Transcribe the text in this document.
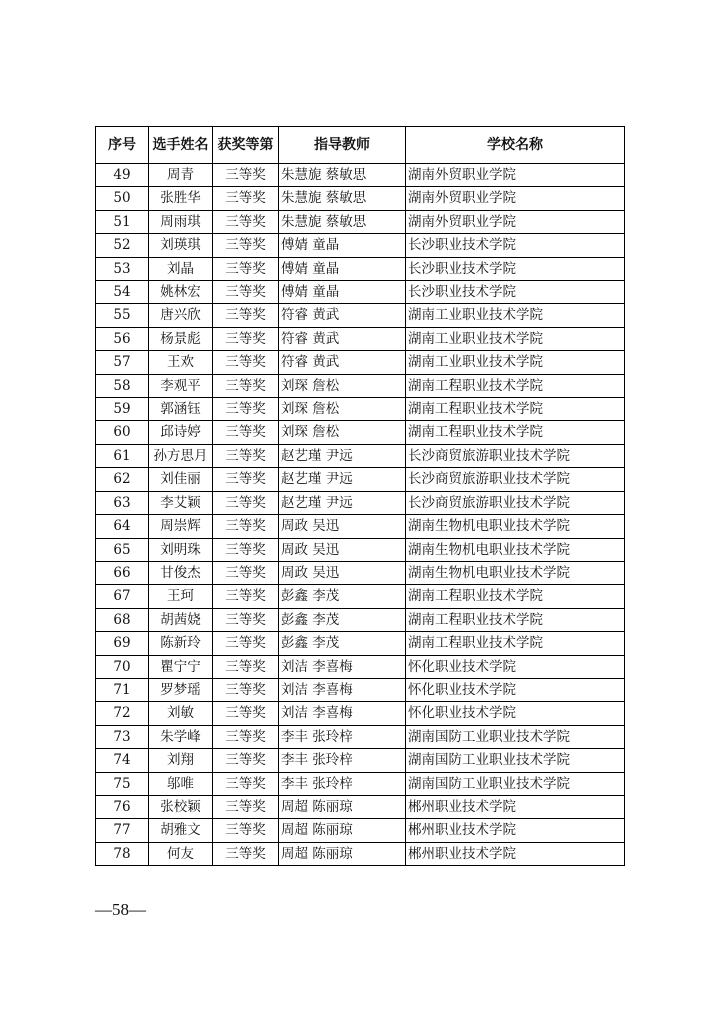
序号	选手姓名	获奖等第	指导教师	学校名称
49	周青	三等奖	朱慧旎 蔡敏思	湖南外贸职业学院
50	张胜华	三等奖	朱慧旎 蔡敏思	湖南外贸职业学院
51	周雨琪	三等奖	朱慧旎 蔡敏思	湖南外贸职业学院
52	刘瑛琪	三等奖	傅婧 童晶	长沙职业技术学院
53	刘晶	三等奖	傅婧 童晶	长沙职业技术学院
54	姚林宏	三等奖	傅婧 童晶	长沙职业技术学院
55	唐兴欣	三等奖	符睿 黄武	湖南工业职业技术学院
56	杨景彪	三等奖	符睿 黄武	湖南工业职业技术学院
57	王欢	三等奖	符睿 黄武	湖南工业职业技术学院
58	李观平	三等奖	刘琛 詹松	湖南工程职业技术学院
59	郭涵钰	三等奖	刘琛 詹松	湖南工程职业技术学院
60	邱诗婷	三等奖	刘琛 詹松	湖南工程职业技术学院
61	孙方思月	三等奖	赵艺瑾 尹远	长沙商贸旅游职业技术学院
62	刘佳丽	三等奖	赵艺瑾 尹远	长沙商贸旅游职业技术学院
63	李艾颖	三等奖	赵艺瑾 尹远	长沙商贸旅游职业技术学院
64	周崇辉	三等奖	周政 吴迅	湖南生物机电职业技术学院
65	刘明珠	三等奖	周政 吴迅	湖南生物机电职业技术学院
66	甘俊杰	三等奖	周政 吴迅	湖南生物机电职业技术学院
67	王珂	三等奖	彭鑫 李茂	湖南工程职业技术学院
68	胡茜娆	三等奖	彭鑫 李茂	湖南工程职业技术学院
69	陈新玲	三等奖	彭鑫 李茂	湖南工程职业技术学院
70	瞿宁宁	三等奖	刘洁 李喜梅	怀化职业技术学院
71	罗梦瑶	三等奖	刘洁 李喜梅	怀化职业技术学院
72	刘敏	三等奖	刘洁 李喜梅	怀化职业技术学院
73	朱学峰	三等奖	李丰 张玲梓	湖南国防工业职业技术学院
74	刘翔	三等奖	李丰 张玲梓	湖南国防工业职业技术学院
75	邬唯	三等奖	李丰 张玲梓	湖南国防工业职业技术学院
76	张校颖	三等奖	周超 陈丽琼	郴州职业技术学院
77	胡雅文	三等奖	周超 陈丽琼	郴州职业技术学院
78	何友	三等奖	周超 陈丽琼	郴州职业技术学院
—58—
